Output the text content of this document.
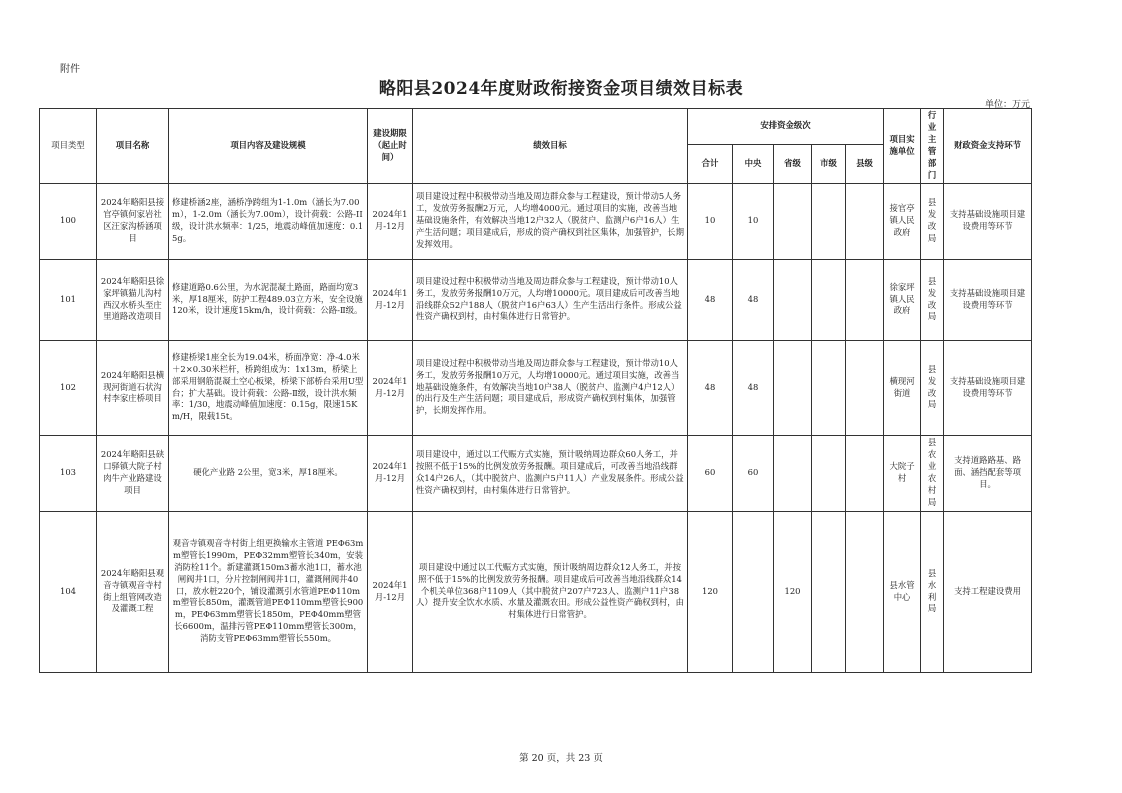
附件
略阳县2024年度财政衔接资金项目绩效目标表
单位：万元
项目类型	项目名称	项目内容及建设规模	建设期限（起止时间）	绩效目标	安排资金级次					项目实施单位	行业主管部门	财政资金支持环节
					合计	中央	省级	市级	县级			
100	2024年略阳县接官亭镇何家岩社区汪家沟桥涵项目	修建桥涵2座，涵桥净跨组为1-1.0m（涵长为7.00m），1-2.0m（涵长为7.00m），设计荷载：公路-II级，设计洪水频率：1/25，地震动峰值加速度：0.15g。	2024年1月-12月	项目建设过程中积极带动当地及周边群众参与工程建设，预计带动5人务工，发放劳务报酬2万元，人均增4000元。通过项目的实施，改善当地基础设施条件，有效解决当地12户32人（脱贫户、监测户6户16人）生产生活问题；项目建成后，形成的资产确权到社区集体，加强管护，长期发挥效用。	10	10				接官亭镇人民政府	县发改局	支持基础设施项目建设费用等环节
101	2024年略阳县徐家坪镇猫儿沟村西汉水桥头至庄里道路改造项目	修建道路0.6公里，为水泥混凝土路面，路面均宽3米，厚18厘米，防护工程489.03立方米，安全设施120米，设计速度15km/h，设计荷载：公路-Ⅱ级。	2024年1月-12月	项目建设过程中积极带动当地及周边群众参与工程建设，预计带动10人务工，发放劳务报酬10万元，人均增10000元。项目建成后可改善当地沿线群众52户188人（脱贫户16户63人）生产生活出行条件。形成公益性资产确权到村，由村集体进行日常管护。	48	48				徐家坪镇人民政府	县发改局	支持基础设施项目建设费用等环节
102	2024年略阳县横现河街道石状沟村李家庄桥项目	修建桥梁1座全长为19.04米，桥面净宽：净-4.0米＋2×0.30米栏杆，桥跨组成为：1x13m，桥梁上部采用钢筋混凝土空心板梁，桥梁下部桥台采用U型台；扩大基础。设计荷载：公路-Ⅱ级，设计洪水频率：1/30，地震动峰值加速度：0.15g，限速15Km/H，限载15t。	2024年1月-12月	项目建设过程中积极带动当地及周边群众参与工程建设，预计带动10人务工，发放劳务报酬10万元，人均增10000元。通过项目实施，改善当地基础设施条件，有效解决当地10户38人（脱贫户、监测户4户12人）的出行及生产生活问题；项目建成后，形成资产确权到村集体，加强管护，长期发挥作用。	48	48				横现河街道	县发改局	支持基础设施项目建设费用等环节
103	2024年略阳县硖口驿镇大院子村肉牛产业路建设项目	硬化产业路 2公里，宽3米，厚18厘米。	2024年1月-12月	项目建设中，通过以工代赈方式实施，预计吸纳周边群众60人务工，并按照不低于15%的比例发放劳务报酬。项目建成后，可改善当地沿线群众14户26人，（其中脱贫户、监测户5户11人）产业发展条件。形成公益性资产确权到村，由村集体进行日常管护。	60	60				大院子村	县农业农村局	支持道路路基、路面、涵挡配套等项目。
104	2024年略阳县观音寺镇观音寺村街上组管网改造及灌溉工程	观音寺镇观音寺村街上组更换输水主管道 PEΦ63mm塑管长1990m，PEΦ32mm塑管长340m，安装消防栓11个。新建灌溉150m3蓄水池1口，蓄水池闸阀井1口，分片控制闸阀井1口，灌溉闸阀井40口，放水桩220个，铺设灌溉引水管道PEΦ110mm塑管长850m，灌溉管道PEΦ110mm塑管长900m，PEΦ63mm塑管长1850m，PEΦ40mm塑管长6600m，温排污管PEΦ110mm塑管长300m，消防支管PEΦ63mm塑管长550m。	2024年1月-12月	项目建设中通过以工代赈方式实施，预计吸纳周边群众12人务工，并按照不低于15%的比例发放劳务报酬。项目建成后可改善当地沿线群众14个机关单位368户1109人（其中脱贫户207户723人、监测户11户38人）提升安全饮水水质、水量及灌溉农田。形成公益性资产确权到村，由村集体进行日常管护。	120		120			县水管中心	县水利局	支持工程建设费用
第 20 页，共 23 页
